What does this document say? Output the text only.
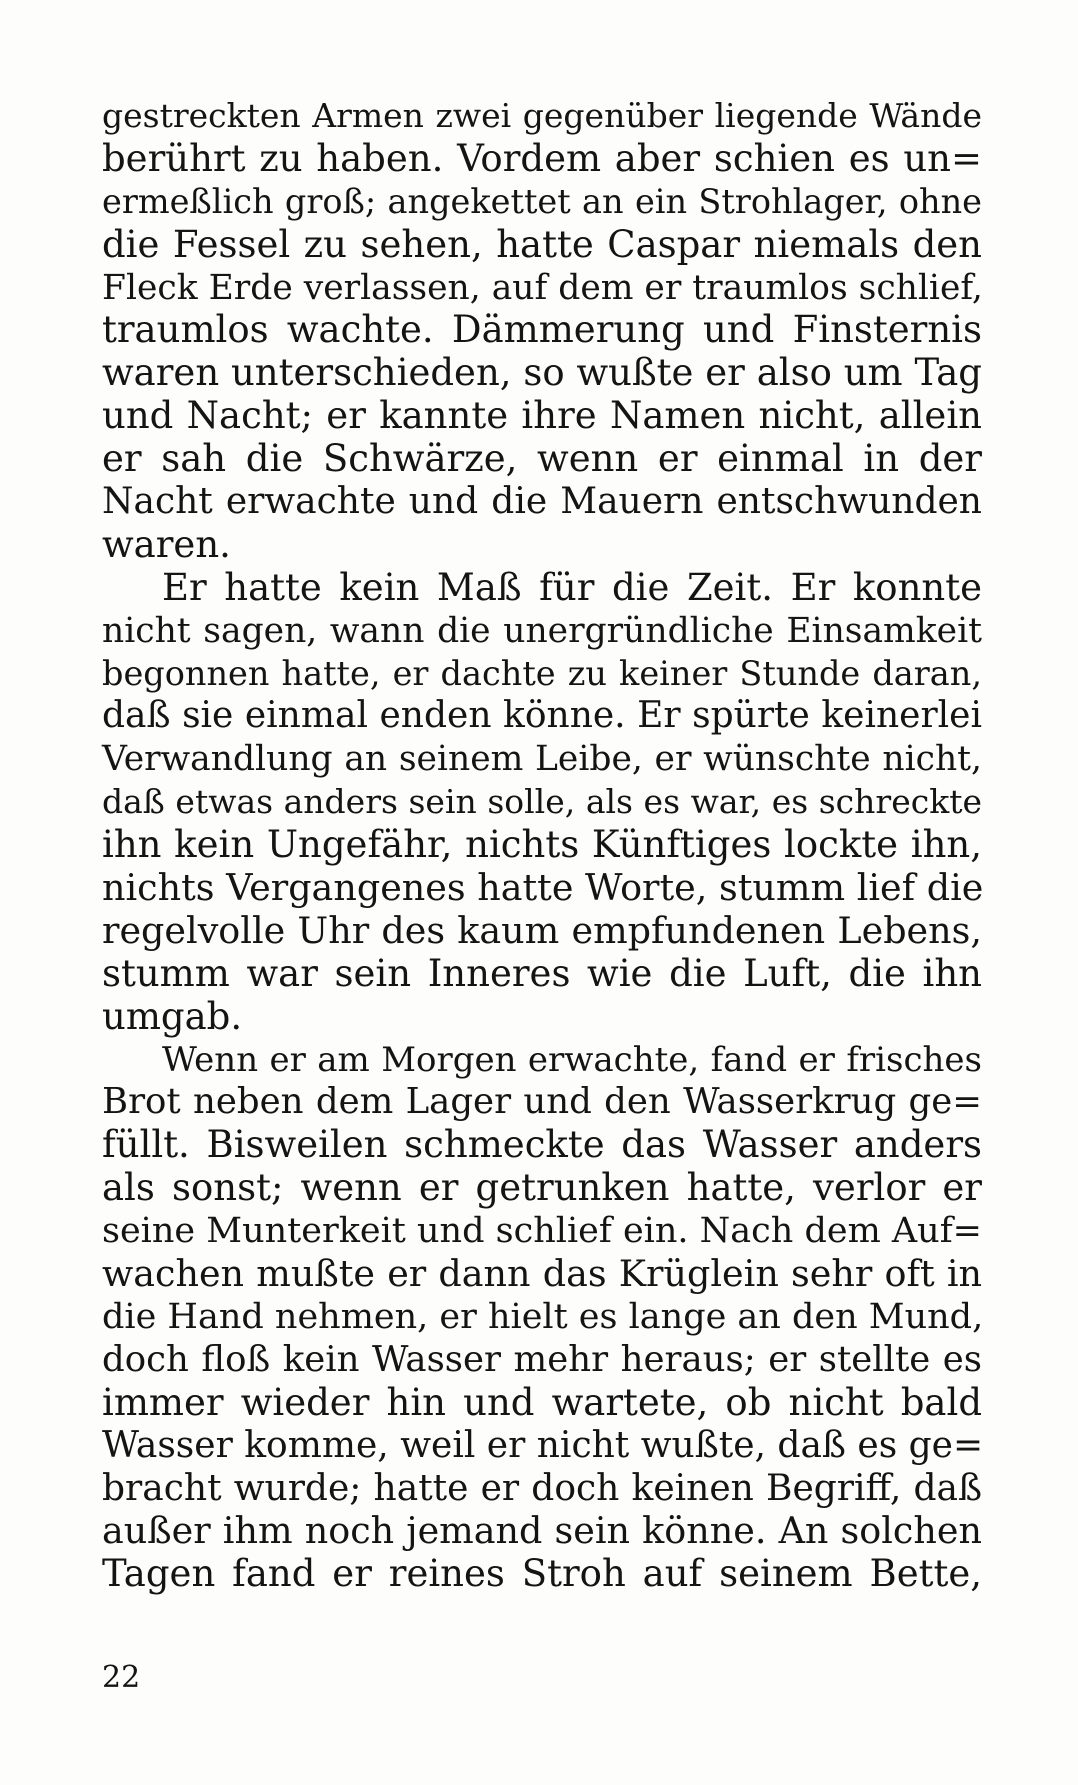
gestreckten Armen zwei gegenüber liegende Wände
berührt zu haben. Vordem aber schien es un=
ermeßlich groß; angekettet an ein Strohlager, ohne
die Fessel zu sehen, hatte Caspar niemals den
Fleck Erde verlassen, auf dem er traumlos schlief,
traumlos wachte. Dämmerung und Finsternis
waren unterschieden, so wußte er also um Tag
und Nacht; er kannte ihre Namen nicht, allein
er sah die Schwärze, wenn er einmal in der
Nacht erwachte und die Mauern entschwunden
waren.
Er hatte kein Maß für die Zeit. Er konnte
nicht sagen, wann die unergründliche Einsamkeit
begonnen hatte, er dachte zu keiner Stunde daran,
daß sie einmal enden könne. Er spürte keinerlei
Verwandlung an seinem Leibe, er wünschte nicht,
daß etwas anders sein solle, als es war, es schreckte
ihn kein Ungefähr, nichts Künftiges lockte ihn,
nichts Vergangenes hatte Worte, stumm lief die
regelvolle Uhr des kaum empfundenen Lebens,
stumm war sein Inneres wie die Luft, die ihn
umgab.
Wenn er am Morgen erwachte, fand er frisches
Brot neben dem Lager und den Wasserkrug ge=
füllt. Bisweilen schmeckte das Wasser anders
als sonst; wenn er getrunken hatte, verlor er
seine Munterkeit und schlief ein. Nach dem Auf=
wachen mußte er dann das Krüglein sehr oft in
die Hand nehmen, er hielt es lange an den Mund,
doch floß kein Wasser mehr heraus; er stellte es
immer wieder hin und wartete, ob nicht bald
Wasser komme, weil er nicht wußte, daß es ge=
bracht wurde; hatte er doch keinen Begriff, daß
außer ihm noch jemand sein könne. An solchen
Tagen fand er reines Stroh auf seinem Bette,
22
